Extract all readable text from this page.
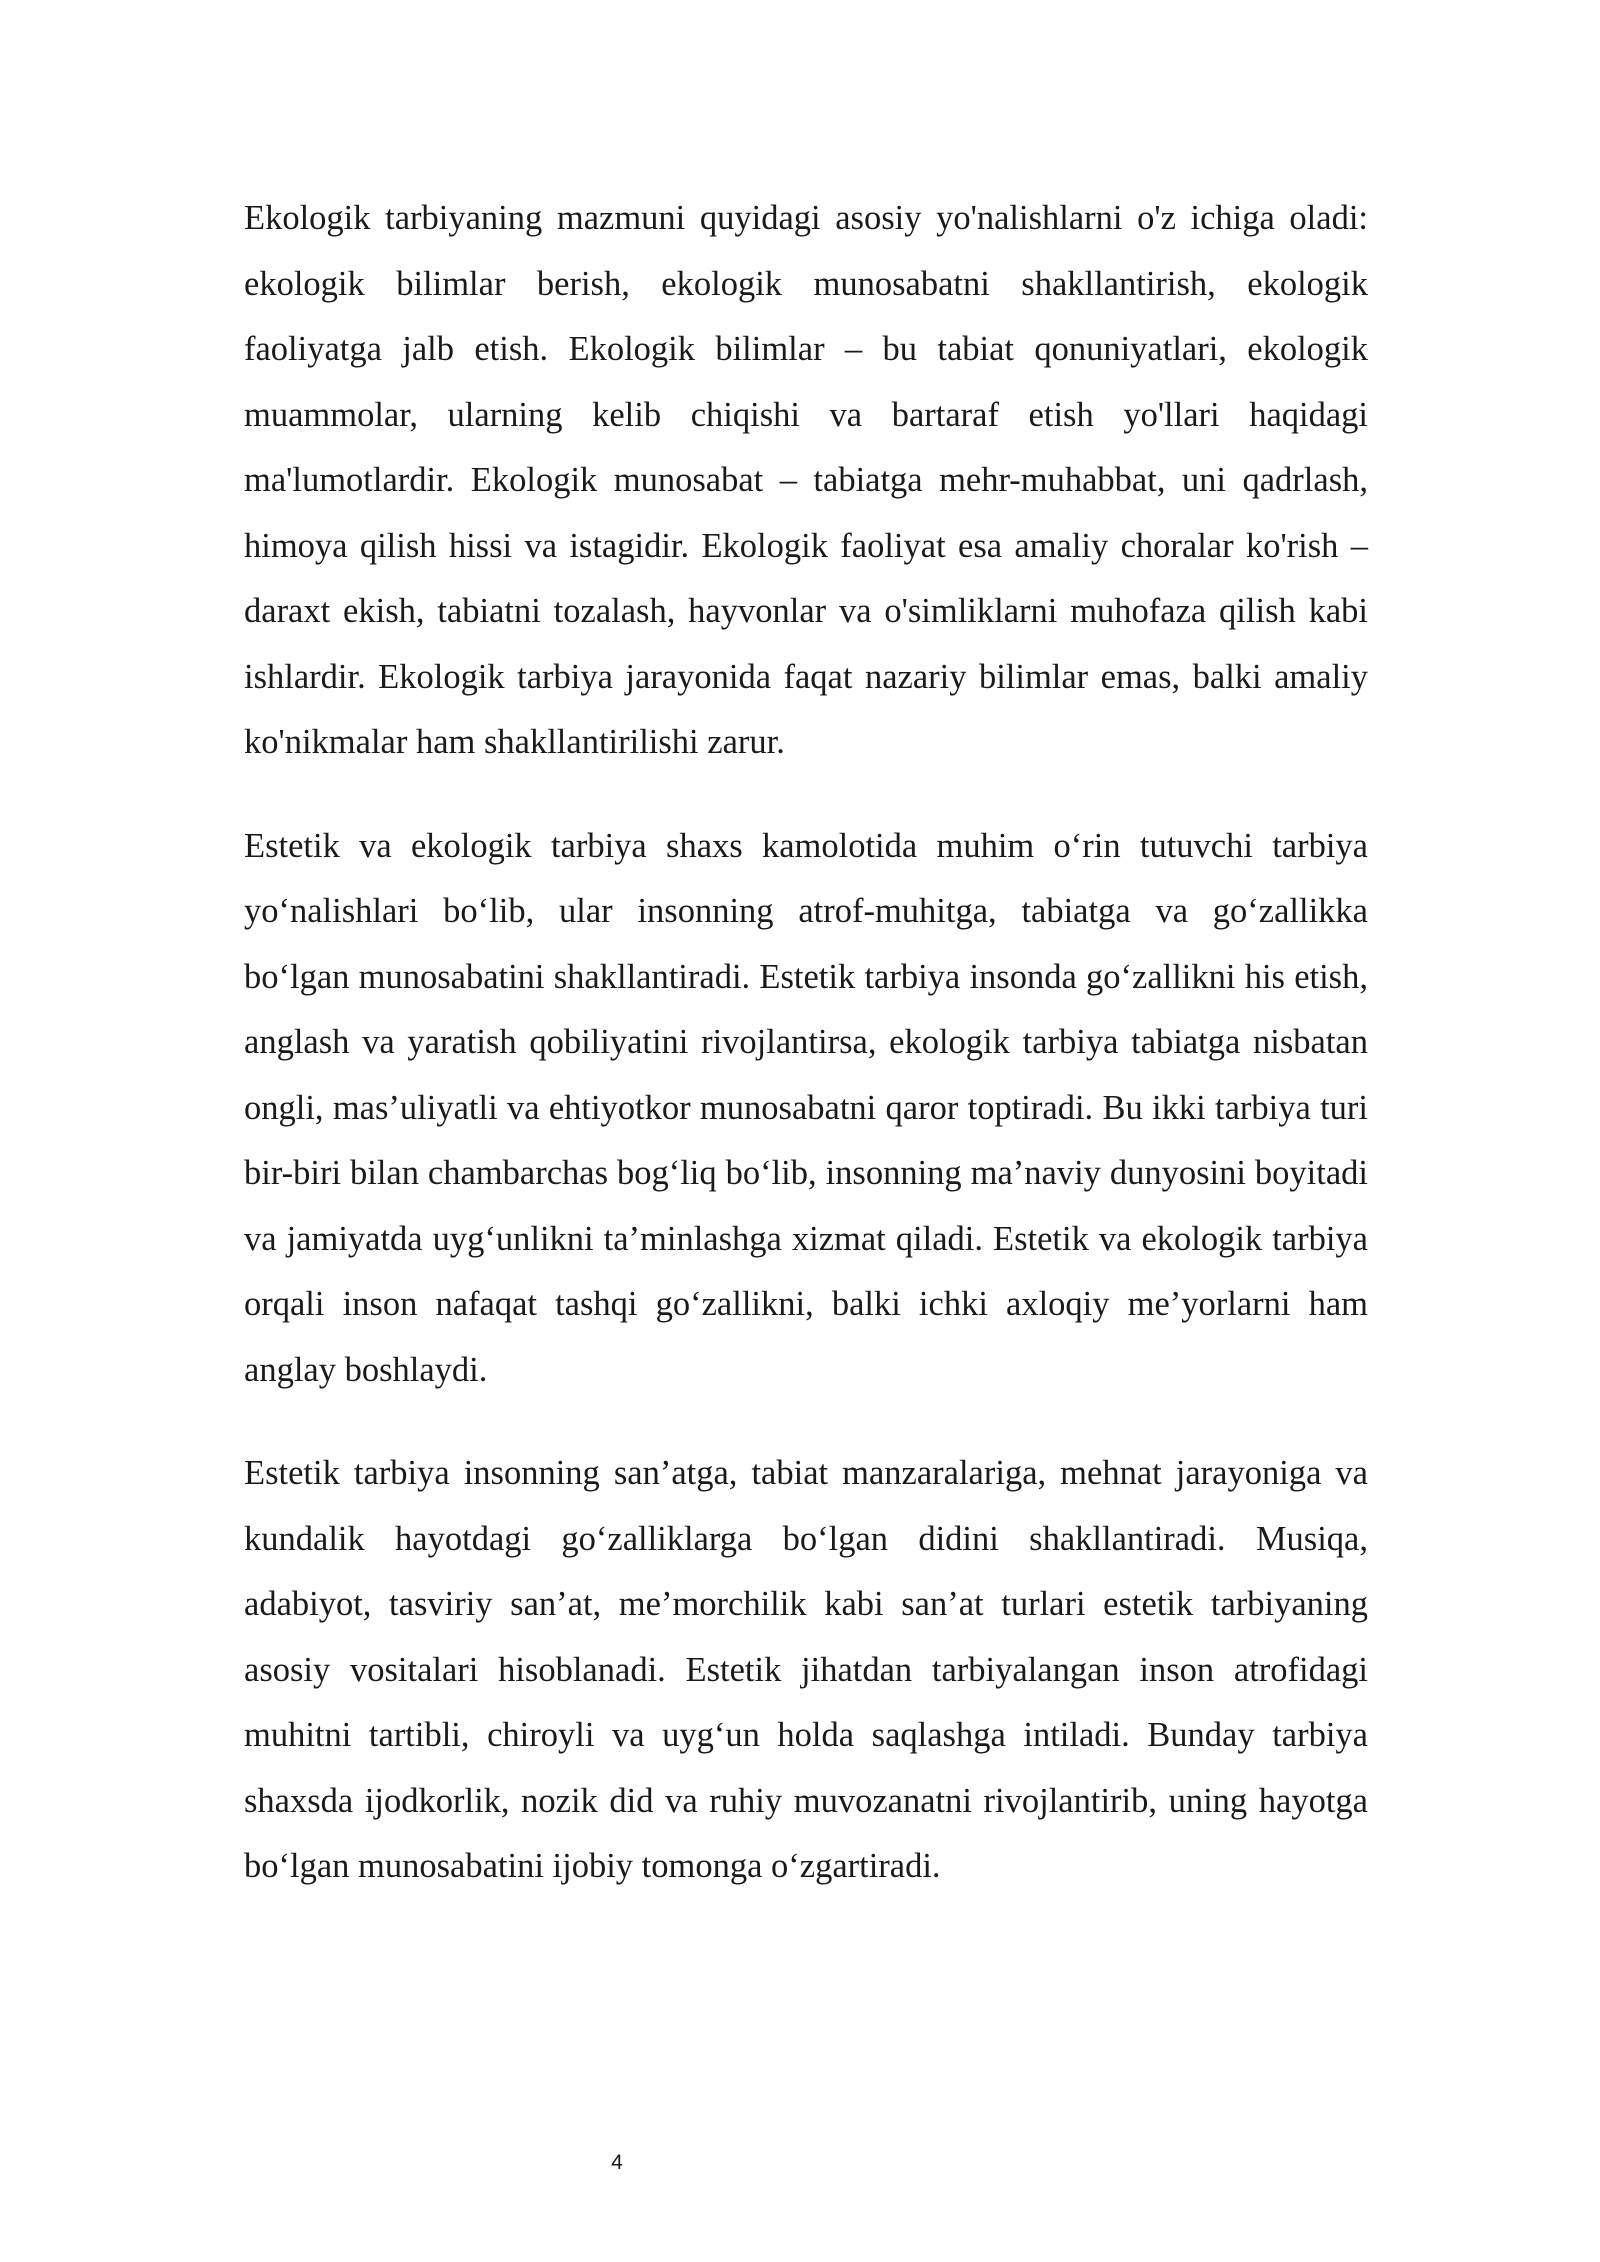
Ekologik tarbiyaning mazmuni quyidagi asosiy yo'nalishlarni o'z ichiga oladi: ekologik bilimlar berish, ekologik munosabatni shakllantirish, ekologik faoliyatga jalb etish. Ekologik bilimlar – bu tabiat qonuniyatlari, ekologik muammolar, ularning kelib chiqishi va bartaraf etish yo'llari haqidagi ma'lumotlardir. Ekologik munosabat – tabiatga mehr-muhabbat, uni qadrlash, himoya qilish hissi va istagidir. Ekologik faoliyat esa amaliy choralar ko'rish – daraxt ekish, tabiatni tozalash, hayvonlar va o'simliklarni muhofaza qilish kabi ishlardir. Ekologik tarbiya jarayonida faqat nazariy bilimlar emas, balki amaliy ko'nikmalar ham shakllantirilishi zarur.

Estetik va ekologik tarbiya shaxs kamolotida muhim oʻrin tutuvchi tarbiya yoʻnalishlari boʻlib, ular insonning atrof-muhitga, tabiatga va goʻzallikka boʻlgan munosabatini shakllantiradi. Estetik tarbiya insonda goʻzallikni his etish, anglash va yaratish qobiliyatini rivojlantirsa, ekologik tarbiya tabiatga nisbatan ongli, mas’uliyatli va ehtiyotkor munosabatni qaror toptiradi. Bu ikki tarbiya turi bir-biri bilan chambarchas bogʻliq boʻlib, insonning ma’naviy dunyosini boyitadi va jamiyatda uygʻunlikni ta’minlashga xizmat qiladi. Estetik va ekologik tarbiya orqali inson nafaqat tashqi goʻzallikni, balki ichki axloqiy me’yorlarni ham anglay boshlaydi.

Estetik tarbiya insonning san’atga, tabiat manzaralariga, mehnat jarayoniga va kundalik hayotdagi goʻzalliklarga boʻlgan didini shakllantiradi. Musiqa, adabiyot, tasviriy san’at, me’morchilik kabi san’at turlari estetik tarbiyaning asosiy vositalari hisoblanadi. Estetik jihatdan tarbiyalangan inson atrofidagi muhitni tartibli, chiroyli va uygʻun holda saqlashga intiladi. Bunday tarbiya shaxsda ijodkorlik, nozik did va ruhiy muvozanatni rivojlantirib, uning hayotga boʻlgan munosabatini ijobiy tomonga oʻzgartiradi.

4
